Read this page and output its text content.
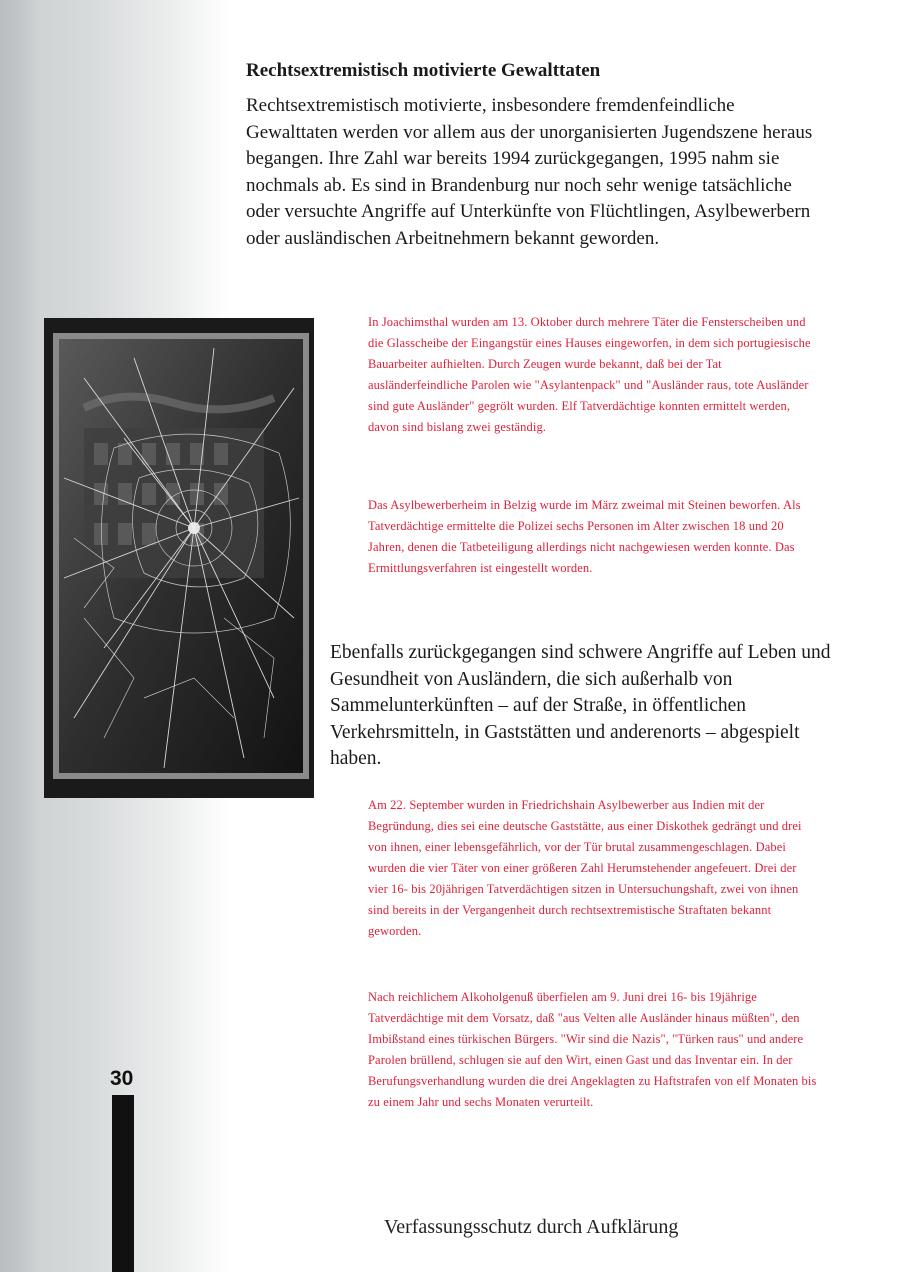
Rechtsextremistisch motivierte Gewalttaten

Rechtsextremistisch motivierte, insbesondere fremdenfeindliche Gewalttaten werden vor allem aus der unorganisierten Jugendszene heraus begangen. Ihre Zahl war bereits 1994 zurückgegangen, 1995 nahm sie nochmals ab. Es sind in Brandenburg nur noch sehr wenige tatsächliche oder versuchte Angriffe auf Unterkünfte von Flüchtlingen, Asylbewerbern oder ausländischen Arbeitnehmern bekannt geworden.

In Joachimsthal wurden am 13. Oktober durch mehrere Täter die Fensterscheiben und die Glasscheibe der Eingangstür eines Hauses eingeworfen, in dem sich portugiesische Bauarbeiter aufhielten. Durch Zeugen wurde bekannt, daß bei der Tat ausländerfeindliche Parolen wie "Asylantenpack" und "Ausländer raus, tote Ausländer sind gute Ausländer" gegrölt wurden. Elf Tatverdächtige konnten ermittelt werden, davon sind bislang zwei geständig.

Das Asylbewerberheim in Belzig wurde im März zweimal mit Steinen beworfen. Als Tatverdächtige ermittelte die Polizei sechs Personen im Alter zwischen 18 und 20 Jahren, denen die Tatbeteiligung allerdings nicht nachgewiesen werden konnte. Das Ermittlungsverfahren ist eingestellt worden.

Ebenfalls zurückgegangen sind schwere Angriffe auf Leben und Gesundheit von Ausländern, die sich außerhalb von Sammelunterkünften – auf der Straße, in öffentlichen Verkehrsmitteln, in Gaststätten und anderenorts – abgespielt haben.

Am 22. September wurden in Friedrichshain Asylbewerber aus Indien mit der Begründung, dies sei eine deutsche Gaststätte, aus einer Diskothek gedrängt und drei von ihnen, einer lebensgefährlich, vor der Tür brutal zusammengeschlagen. Dabei wurden die vier Täter von einer größeren Zahl Herumstehender angefeuert. Drei der vier 16- bis 20jährigen Tatverdächtigen sitzen in Untersuchungshaft, zwei von ihnen sind bereits in der Vergangenheit durch rechtsextremistische Straftaten bekannt geworden.

Nach reichlichem Alkoholgenuß überfielen am 9. Juni drei 16- bis 19jährige Tatverdächtige mit dem Vorsatz, daß "aus Velten alle Ausländer hinaus müßten", den Imbißstand eines türkischen Bürgers. "Wir sind die Nazis", "Türken raus" und andere Parolen brüllend, schlugen sie auf den Wirt, einen Gast und das Inventar ein. In der Berufungsverhandlung wurden die drei Angeklagten zu Haftstrafen von elf Monaten bis zu einem Jahr und sechs Monaten verurteilt.

30
Verfassungsschutz durch Aufklärung
